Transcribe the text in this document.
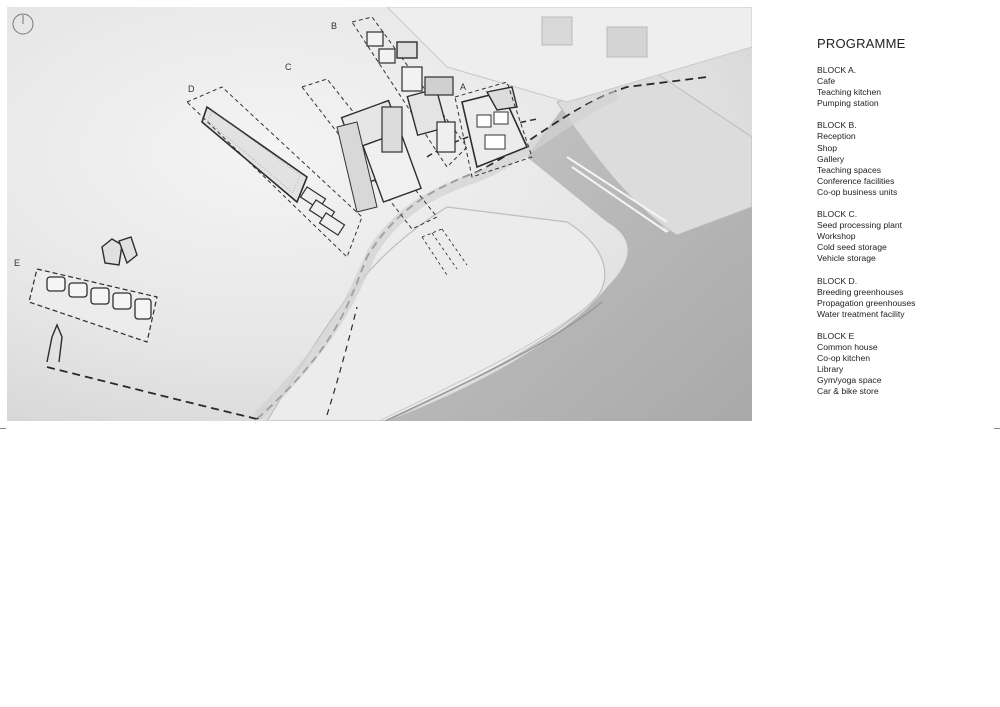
A
B
C
D
E
PROGRAMME
BLOCK A.
Cafe
Teaching kitchen
Pumping station
BLOCK B.
Reception
Shop
Gallery
Teaching spaces
Conference facilities
Co-op business units
BLOCK C.
Seed processing plant
Workshop
Cold seed storage
Vehicle storage
BLOCK D.
Breeding greenhouses
Propagation greenhouses
Water treatment facility
BLOCK E
Common house
Co-op kitchen
Library
Gym/yoga space
Car & bike store
